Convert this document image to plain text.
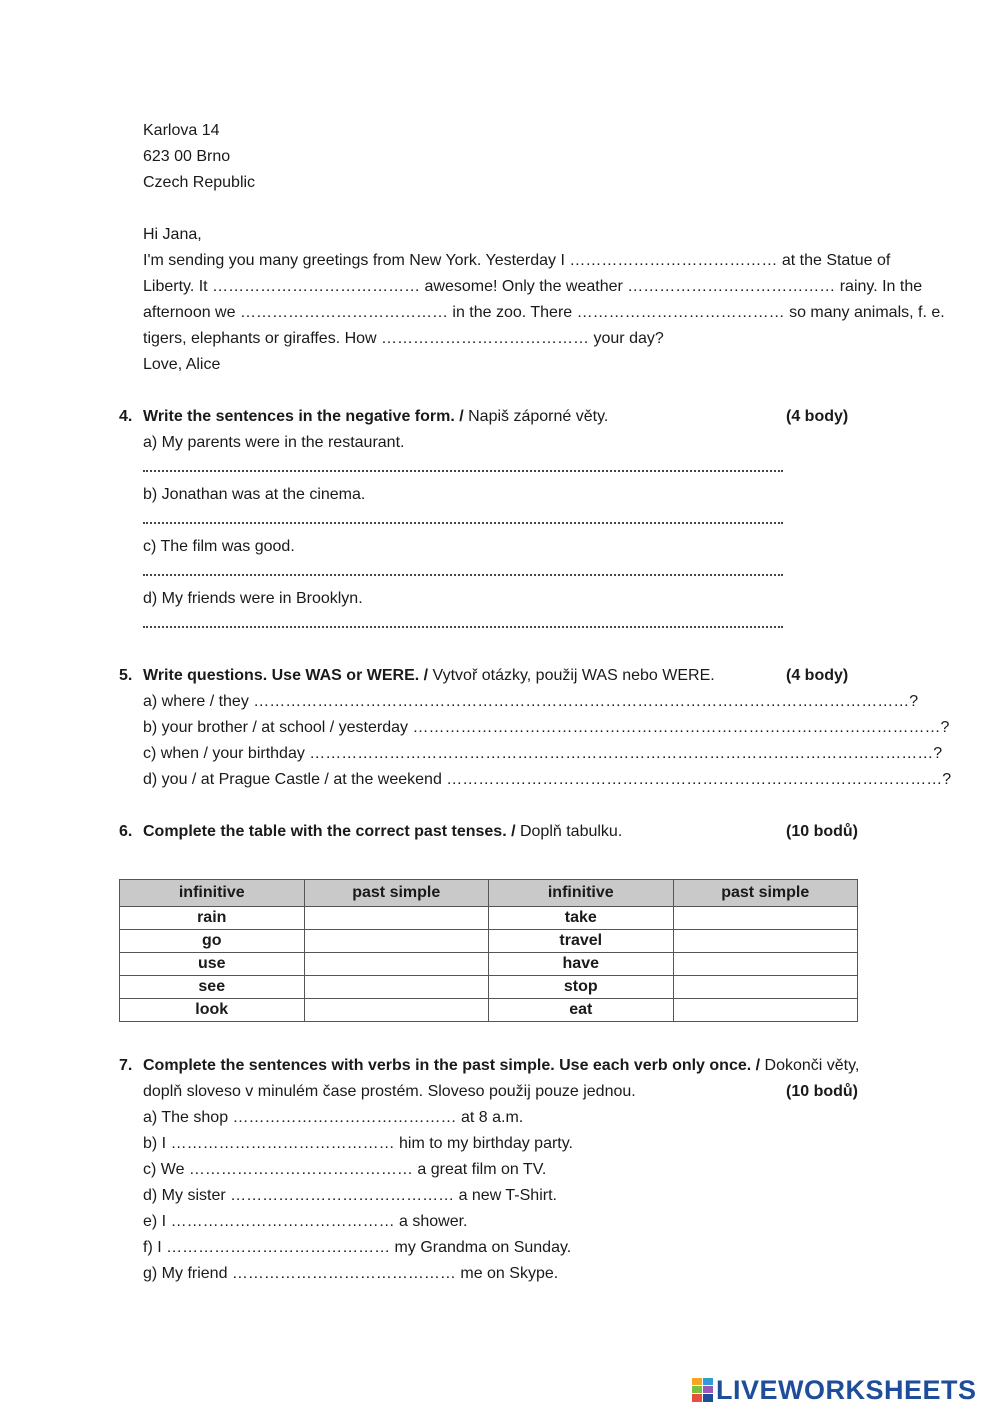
Karlova 14
623 00 Brno
Czech Republic
Hi Jana,
I'm sending you many greetings from New York. Yesterday I ………………………………… at the Statue of
Liberty. It ………………………………… awesome! Only the weather ………………………………… rainy. In the
afternoon we ………………………………… in the zoo. There ………………………………… so many animals, f. e.
tigers, elephants or giraffes. How ………………………………… your day?
Love, Alice
4. Write the sentences in the negative form. / Napiš záporné věty.	(4 body)
a) My parents were in the restaurant.
b) Jonathan was at the cinema.
c) The film was good.
d) My friends were in Brooklyn.
5. Write questions. Use WAS or WERE. / Vytvoř otázky, použij WAS nebo WERE.	(4 body)
a) where / they ……………………………………………………………………………………………………………?
b) your brother / at school / yesterday ………………………………………………………………………………………?
c) when / your birthday ………………………………………………………………………………………………………?
d) you / at Prague Castle / at the weekend …………………………………………………………………………………?
6. Complete the table with the correct past tenses. / Doplň tabulku.	(10 bodů)
infinitive	past simple	infinitive	past simple
rain		take	
go		travel	
use		have	
see		stop	
look		eat	
7. Complete the sentences with verbs in the past simple. Use each verb only once. / Dokonči věty,
doplň sloveso v minulém čase prostém. Sloveso použij pouze jednou.	(10 bodů)
a) The shop …………………………………… at 8 a.m.
b) I …………………………………… him to my birthday party.
c) We …………………………………… a great film on TV.
d) My sister …………………………………… a new T-Shirt.
e) I …………………………………… a shower.
f) I …………………………………… my Grandma on Sunday.
g) My friend …………………………………… me on Skype.
LIVEWORKSHEETS
